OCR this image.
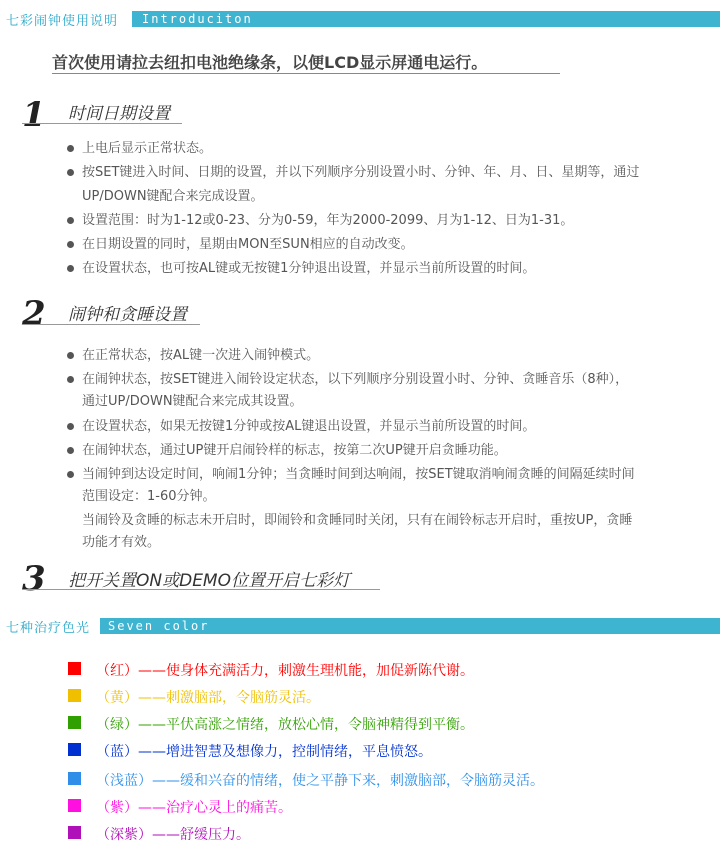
七彩闹钟使用说明 Introduciton
首次使用请拉去纽扣电池绝缘条，以便LCD显示屏通电运行。
1 时间日期设置
上电后显示正常状态。
按SET键进入时间、日期的设置，并以下列顺序分别设置小时、分钟、年、月、日、星期等，通过
UP/DOWN键配合来完成设置。
设置范围：时为1-12或0-23、分为0-59，年为2000-2099、月为1-12、日为1-31。
在日期设置的同时，星期由MON至SUN相应的自动改变。
在设置状态，也可按AL键或无按键1分钟退出设置，并显示当前所设置的时间。
2 闹钟和贪睡设置
在正常状态，按AL键一次进入闹钟模式。
在闹钟状态，按SET键进入闹铃设定状态，以下列顺序分别设置小时、分钟、贪睡音乐（8种），
通过UP/DOWN键配合来完成其设置。
在设置状态，如果无按键1分钟或按AL键退出设置，并显示当前所设置的时间。
在闹钟状态，通过UP键开启闹铃样的标志，按第二次UP键开启贪睡功能。
当闹钟到达设定时间，响闹1分钟；当贪睡时间到达响闹，按SET键取消响闹贪睡的间隔延续时间
范围设定：1-60分钟。
当闹铃及贪睡的标志未开启时，即闹铃和贪睡同时关闭，只有在闹铃标志开启时，重按UP，贪睡
功能才有效。
3 把开关置ON或DEMO位置开启七彩灯
七种治疗色光 Seven color
（红）——使身体充满活力，刺激生理机能，加促新陈代谢。
（黄）——刺激脑部，令脑筋灵活。
（绿）——平伏高涨之情绪，放松心情，令脑神精得到平衡。
（蓝）——增进智慧及想像力，控制情绪，平息愤怒。
（浅蓝）——缓和兴奋的情绪，使之平静下来，刺激脑部，令脑筋灵活。
（紫）——治疗心灵上的痛苦。
（深紫）——舒缓压力。
